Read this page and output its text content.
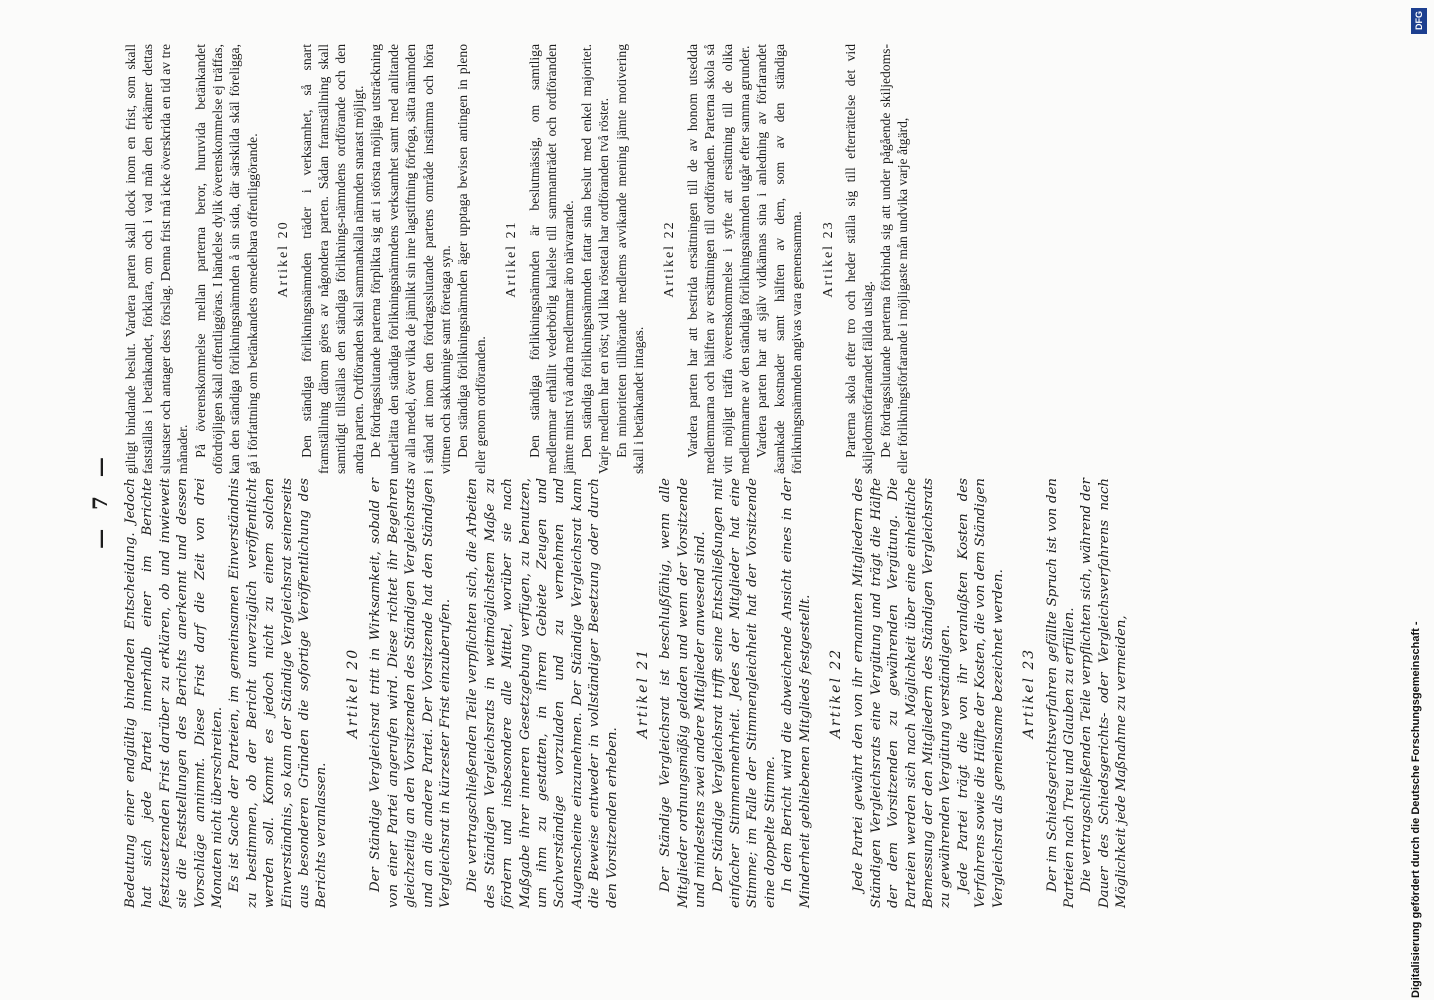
— 7 — Bedeutung einer endgültig bindenden Entscheidung. Jedoch hat sich jede Partei innerhalb einer im Berichte festzusetzenden Frist darüber zu erklären, ob und inwieweit sie die Feststellungen des Berichts anerkennt und dessen Vorschläge annimmt. Diese Frist darf die Zeit von drei Monaten nicht überschreiten. Es ist Sache der Parteien, im gemeinsamen Einverständnis zu bestimmen, ob der Bericht unverzüglich veröffentlicht werden soll. Kommt es jedoch nicht zu einem solchen Einverständnis, so kann der Ständige Vergleichsrat seinerseits aus besonderen Gründen die sofortige Veröffentlichung des Berichts veranlassen.

Artikel 20 Der Ständige Vergleichsrat tritt in Wirksamkeit, sobald er von einer Partei angerufen wird. Diese richtet ihr Begehren gleichzeitig an den Vorsitzenden des Ständigen Vergleichsrats und an die andere Partei. Der Vorsitzende hat den Ständigen Vergleichsrat in kürzester Frist einzuberufen. Die vertragschließenden Teile verpflichten sich, die Arbeiten des Ständigen Vergleichsrats in weitmöglichstem Maße zu fördern und insbesondere alle Mittel, worüber sie nach Maßgabe ihrer inneren Gesetzgebung verfügen, zu benutzen, um ihm zu gestatten, in ihrem Gebiete Zeugen und Sachverständige vorzuladen und zu vernehmen und Augenscheine einzunehmen. Der Ständige Vergleichsrat kann die Beweise entweder in vollständiger Besetzung oder durch den Vorsitzenden erheben.

Artikel 21 Der Ständige Vergleichsrat ist beschlußfähig, wenn alle Mitglieder ordnungsmäßig geladen und wenn der Vorsitzende und mindestens zwei andere Mitglieder anwesend sind. Der Ständige Vergleichsrat trifft seine Entschließungen mit einfacher Stimmenmehrheit. Jedes der Mitglieder hat eine Stimme; im Falle der Stimmengleichheit hat der Vorsitzende eine doppelte Stimme. In dem Bericht wird die abweichende Ansicht eines in der Minderheit gebliebenen Mitglieds festgestellt. Artikel 22 Jede Partei gewährt den von ihr ernannten Mitgliedern des Ständigen Vergleichsrats eine Vergütung und trägt die Hälfte der dem Vorsitzenden zu gewährenden Vergütung. Die Parteien werden sich nach Möglichkeit über eine einheitliche Bemessung der den Mitgliedern des Ständigen Vergleichsrats zu gewährenden Vergütung verständigen. Jede Partei trägt die von ihr veranlaßten Kosten des Verfahrens sowie die Hälfte der Kosten, die von dem Ständigen Vergleichsrat als gemeinsame bezeichnet werden. Artikel 23 Der im Schiedsgerichtsverfahren gefällte Spruch ist von den Parteien nach Treu und Glauben zu erfüllen. Die vertragschließenden Teile verpflichten sich, während der Dauer des Schiedsgerichts- oder Vergleichsverfahrens nach Möglichkeit jede Maßnahme zu vermeiden,

giltigt bindande beslut. Vardera parten skall dock inom en frist, som skall fastställas i betänkandet, förklara, om och i vad mån den erkänner dettas slutsatser och antager dess förslag. Denna frist må icke överskrida en tid av tre månader. På överenskommelse mellan parterna beror, huruvida betänkandet ofördröjligen skall offentliggöras. I händelse dylik överenskommelse ej träffas, kan den ständiga förlikningsnämnden å sin sida, där särskilda skäl föreligga, gå i författning om betänkandets omedelbara offentliggörande. Artikel 20 Den ständiga förlikningsnämnden träder i verksamhet, så snart framställning därom göres av någondera parten. Sådan framställning skall samtidigt tillställas den ständiga förliknings-nämndens ordförande och den andra parten. Ordföranden skall sammankalla nämnden snarast möjligt. De fördragsslutande parterna förplikta sig att i största möjliga utsträckning underlätta den ständiga förlikningsnämndens verksamhet samt med anlitande av alla medel, över vilka de jämlikt sin inre lagstiftning förfoga, sätta nämnden i stånd att inom den fördragsslutande partens område instämma och höra vittnen och sakkunnige samt företaga syn. Den ständiga förlikningsnämnden äger upptaga bevisen antingen in pleno eller genom ordföranden.

Artikel 21 Den ständiga förlikningsnämnden är beslutmässig, om samtliga medlemmar erhållit vederbörlig kallelse till sammanträdet och ordföranden jämte minst två andra medlemmar äro närvarande. Den ständiga förlikningsnämnden fattar sina beslut med enkel majoritet. Varje medlem har en röst; vid lika röstetal har ordföranden två röster. En minoriteten tillhörande medlems avvikande mening jämte motivering skall i betänkandet intagas.

Artikel 22 Vardera parten har att bestrida ersättningen till de av honom utsedda medlemmarna och hälften av ersättningen till ordföranden. Parterna skola så vitt möjligt träffa överenskommelse i syfte att ersättning till de olika medlemmarne av den ständiga förlikningsnämnden utgår efter samma grunder. Vardera parten har att själv vidkännas sina i anledning av förfarandet åsamkade kostnader samt hälften av dem, som av den ständiga förlikningsnämnden angivas vara gemensamma. Artikel 23 Parterna skola efter tro och heder ställa sig till efterrättelse det vid skiljedomsförfarandet fällda utslag. De fördragsslutande parterna förbinda sig att under pågående skiljedoms- eller förlikningsförfarande i möjligaste mån undvika varje åtgärd,

DFG
Digitalisierung gefördert durch die Deutsche Forschungsgemeinschaft -
